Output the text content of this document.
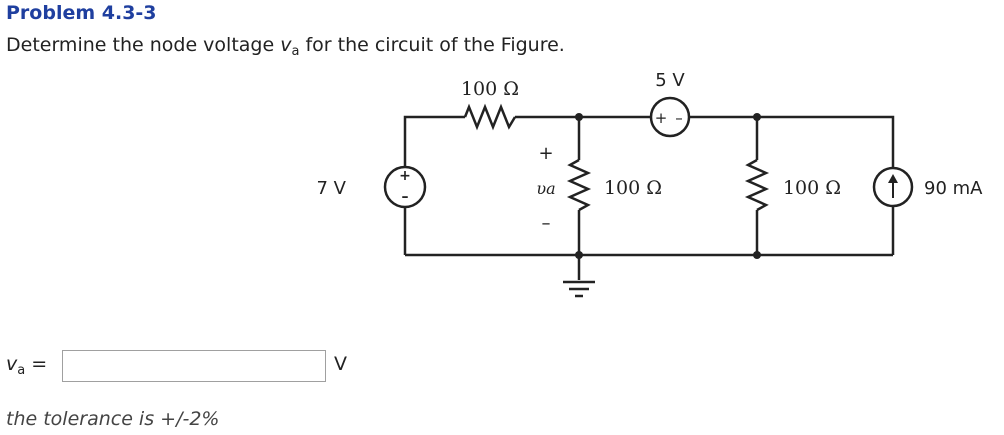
Problem 4.3-3
Determine the node voltage $v_a$ for the circuit of the Figure.
+
–
+ –
100 Ω
100 Ω	100 Ω
5 V
7 V	90 mA
+
υa
–
$v_a$ =	V
the tolerance is +/-2%
